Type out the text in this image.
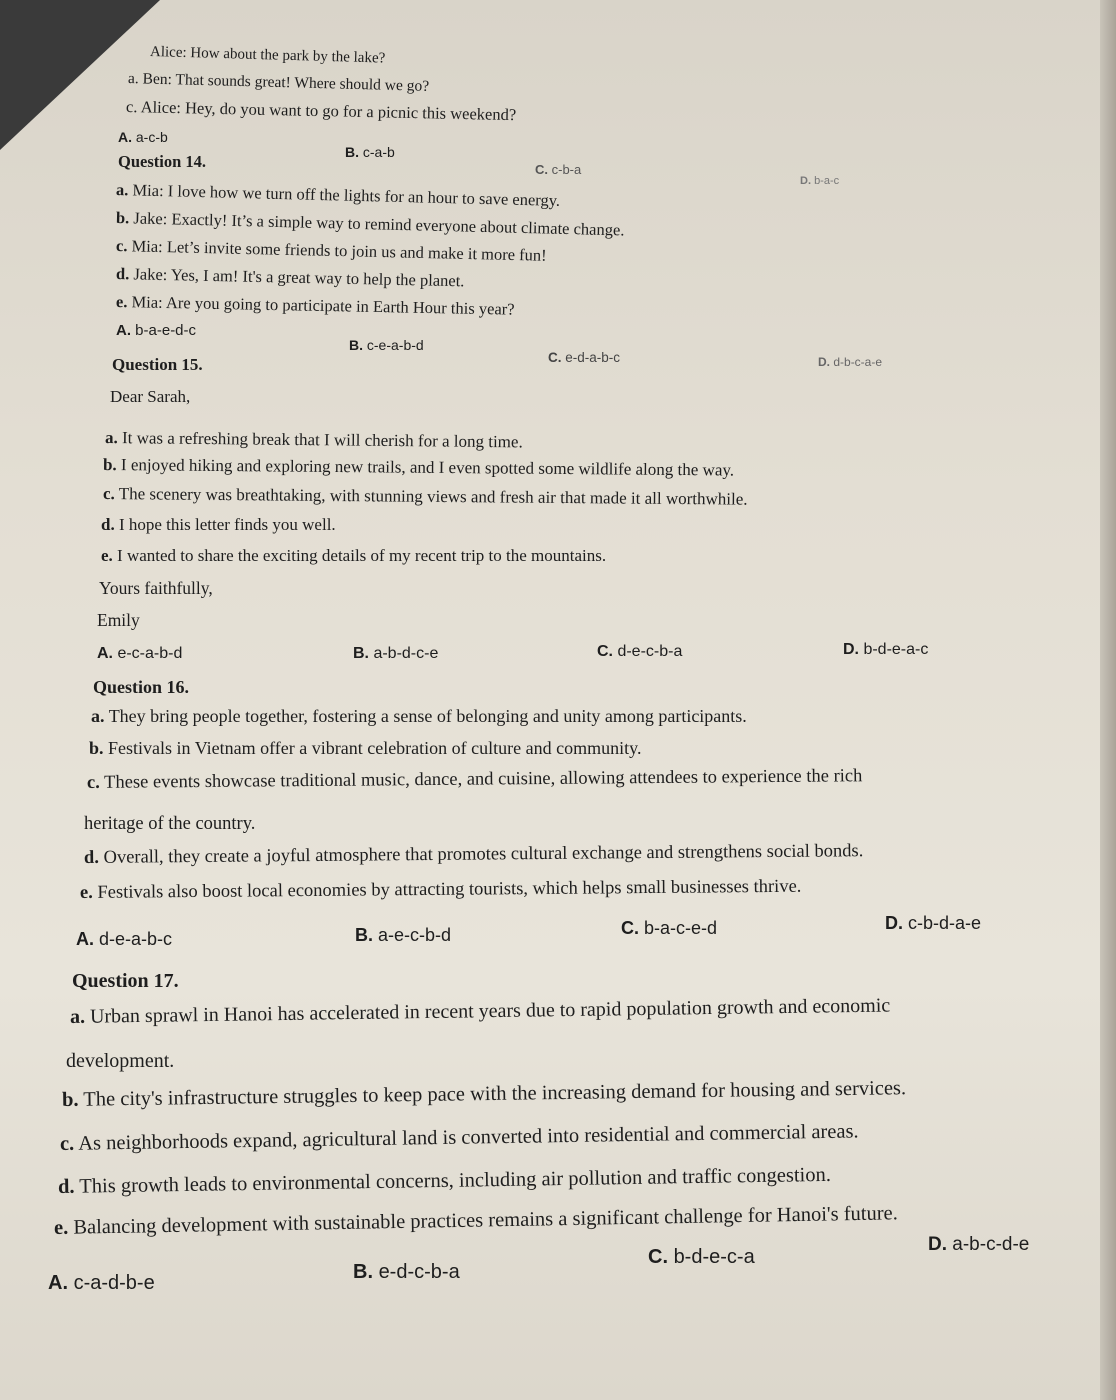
Alice: How about the park by the lake?
a. Ben: That sounds great! Where should we go?
c. Alice: Hey, do you want to go for a picnic this weekend?
A. a-c-b
B. c-a-b
C. c-b-a
D. b-a-c
Question 14.
a. Mia: I love how we turn off the lights for an hour to save energy.
b. Jake: Exactly! It’s a simple way to remind everyone about climate change.
c. Mia: Let’s invite some friends to join us and make it more fun!
d. Jake: Yes, I am! It's a great way to help the planet.
e. Mia: Are you going to participate in Earth Hour this year?
A. b-a-e-d-c
B. c-e-a-b-d
C. e-d-a-b-c	D. d-b-c-a-e
Question 15.
Dear Sarah,
a. It was a refreshing break that I will cherish for a long time.
b. I enjoyed hiking and exploring new trails, and I even spotted some wildlife along the way.
c. The scenery was breathtaking, with stunning views and fresh air that made it all worthwhile.
d. I hope this letter finds you well.
e. I wanted to share the exciting details of my recent trip to the mountains.
Yours faithfully,
Emily
A. e-c-a-b-d	B. a-b-d-c-e	C. d-e-c-b-a	D. b-d-e-a-c
Question 16.
a. They bring people together, fostering a sense of belonging and unity among participants.
b. Festivals in Vietnam offer a vibrant celebration of culture and community.
c. These events showcase traditional music, dance, and cuisine, allowing attendees to experience the rich
heritage of the country.
d. Overall, they create a joyful atmosphere that promotes cultural exchange and strengthens social bonds.
e. Festivals also boost local economies by attracting tourists, which helps small businesses thrive.
A. d-e-a-b-c	B. a-e-c-b-d	C. b-a-c-e-d	D. c-b-d-a-e
Question 17.
a. Urban sprawl in Hanoi has accelerated in recent years due to rapid population growth and economic
development.
b. The city's infrastructure struggles to keep pace with the increasing demand for housing and services.
c. As neighborhoods expand, agricultural land is converted into residential and commercial areas.
d. This growth leads to environmental concerns, including air pollution and traffic congestion.
e. Balancing development with sustainable practices remains a significant challenge for Hanoi's future.
A. c-a-d-b-e	B. e-d-c-b-a
C. b-d-e-c-a
D. a-b-c-d-e
